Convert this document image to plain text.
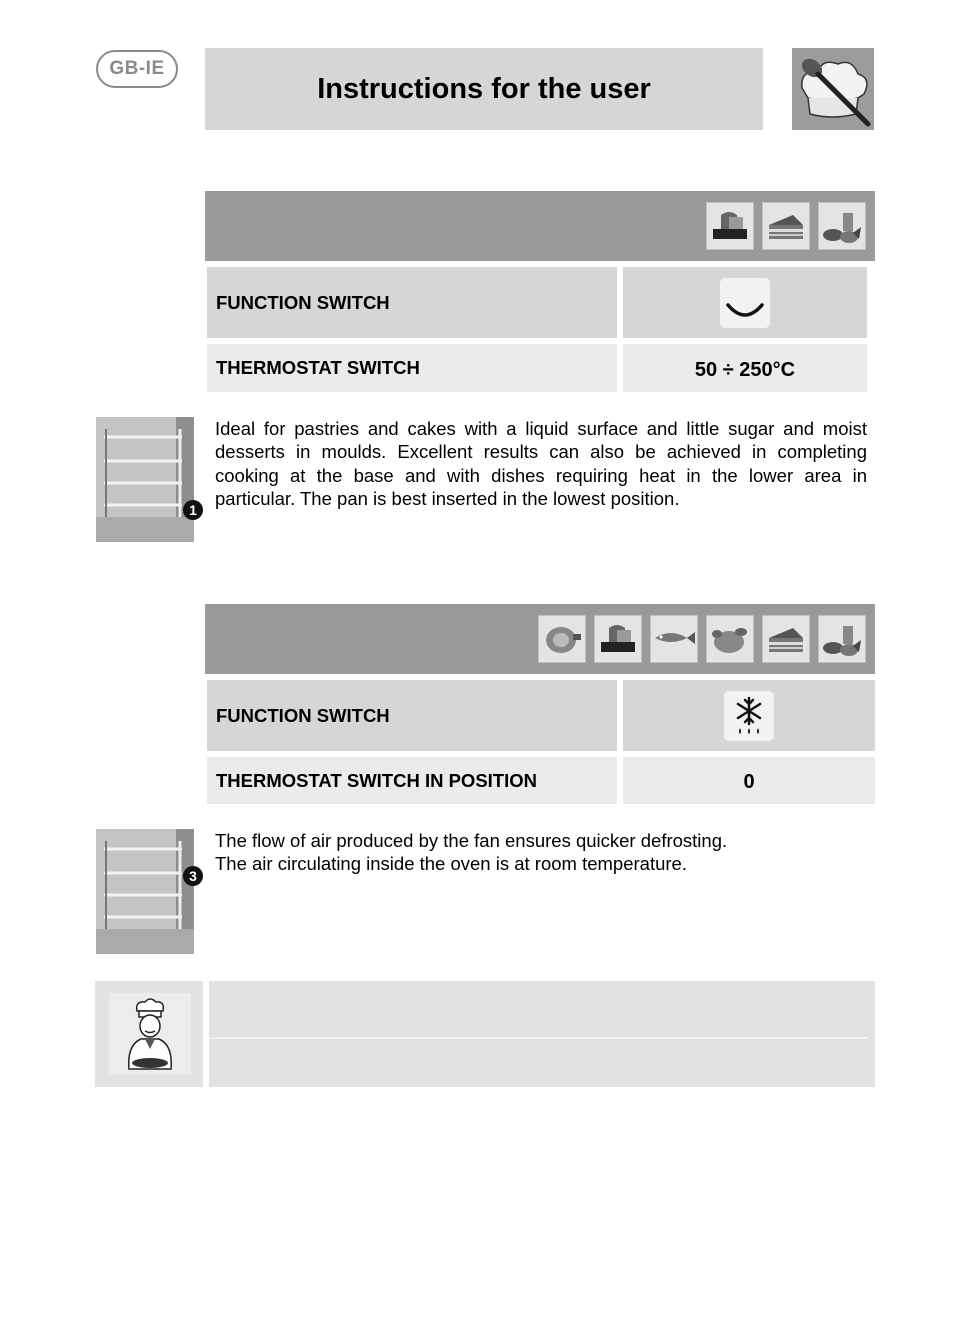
GB-IE
Instructions for the user
FUNCTION SWITCH
THERMOSTAT SWITCH	50 ÷ 250°C
1
Ideal for pastries and cakes with a liquid surface and little sugar and moist desserts in moulds. Excellent results can also be achieved in completing cooking at the base and with dishes requiring heat in the lower area in particular. The pan is best inserted in the lowest position.
FUNCTION SWITCH
THERMOSTAT SWITCH IN POSITION	0
3
The flow of air produced by the fan ensures quicker defrosting.
The air circulating inside the oven is at room temperature.
